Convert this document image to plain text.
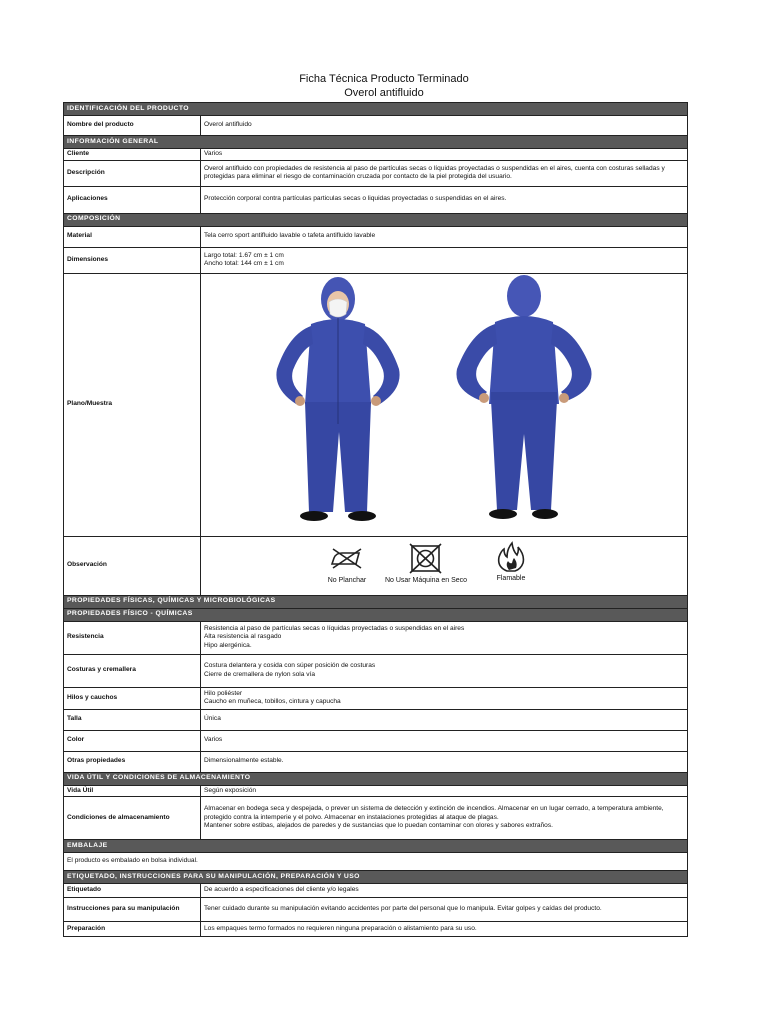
Ficha Técnica Producto Terminado
Overol antifluido
IDENTIFICACIÓN DEL PRODUCTO	
Nombre del producto	Overol antifluido
INFORMACIÓN GENERAL	
Cliente	Varios
Descripción	Overol antifluido con propiedades de resistencia al paso de partículas secas o líquidas proyectadas o suspendidas en el aires, cuenta con costuras selladas y protegidas para eliminar el riesgo de contaminación cruzada por contacto de la piel protegida del usuario.
Aplicaciones	Protección corporal contra partículas particulas secas o liquidas proyectadas o suspendidas en el aires.
COMPOSICIÓN	
Material	Tela cerro sport antifluido lavable o tafeta antifluido lavable
Dimensiones	Largo total: 1.67 cm ± 1 cm
Ancho total: 144 cm ± 1 cm

Plano/Muestra	

Observación	No Planchar No Usar Máquina en Seco Flamable

PROPIEDADES FÍSICAS, QUÍMICAS Y MICROBIOLÓGICAS	
PROPIEDADES FÍSICO - QUÍMICAS	
Resistencia	Resistencia al paso de partículas secas o líquidas proyectadas o suspendidas en el aires
Alta resistencia al rasgado
Hipo alergénica.

Costuras y cremallera	Costura delantera y cosida con súper posición de costuras
Cierre de cremallera de nylon sola vía

Hilos y cauchos	Hilo poliéster
Caucho en muñeca, tobillos, cintura y capucha

Talla	Única
Color	Varios
Otras propiedades	Dimensionalmente estable.
VIDA ÚTIL Y CONDICIONES DE ALMACENAMIENTO	
Vida Útil	Según exposición
Condiciones de almacenamiento	Almacenar en bodega seca y despejada, o prever un sistema de detección y extinción de incendios. Almacenar en un lugar cerrado, a temperatura ambiente, protegido contra la intemperie y el polvo. Almacenar en instalaciones protegidas al ataque de plagas.
Mantener sobre estibas, alejados de paredes y de sustancias que lo puedan contaminar con olores y sabores extraños.

EMBALAJE	
El producto es embalado en bolsa individual.	
ETIQUETADO, INSTRUCCIONES PARA SU MANIPULACIÓN, PREPARACIÓN Y USO	
Etiquetado	De acuerdo a especificaciones del cliente y/o legales
Instrucciones para su manipulación	Tener cuidado durante su manipulación evitando accidentes por parte del personal que lo manipula. Evitar golpes y caídas del producto.
Preparación	Los empaques termo formados no requieren ninguna preparación o alistamiento para su uso.
